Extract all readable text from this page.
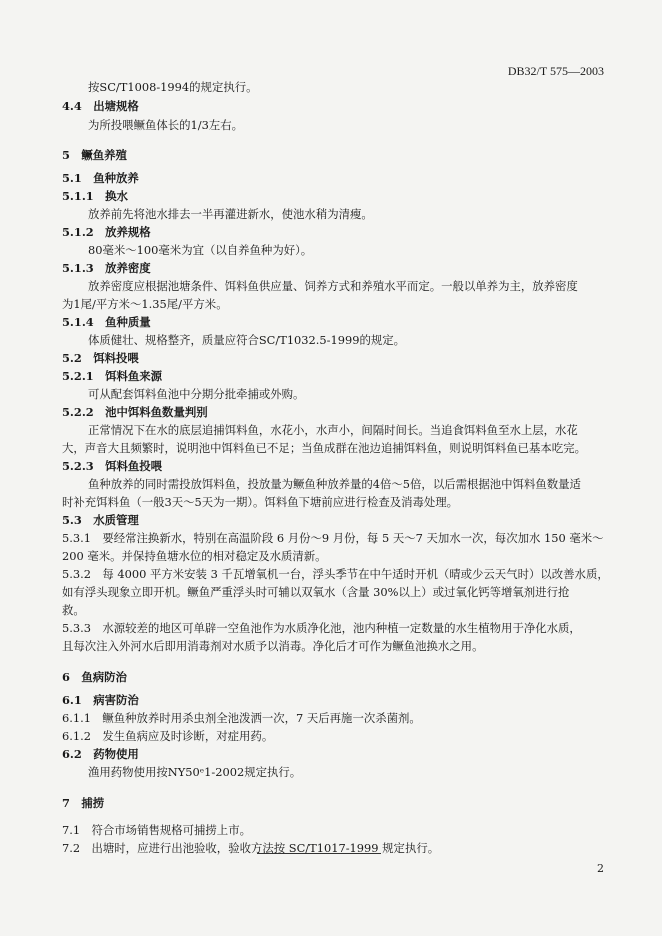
DB32/T 575—2003
按SC/T1008-1994的规定执行。
4.4　出塘规格
为所投喂鳜鱼体长的1/3左右。
5　鳜鱼养殖
5.1　鱼种放养
5.1.1　换水
放养前先将池水排去一半再灌进新水，使池水稍为清瘦。
5.1.2　放养规格
80毫米～100毫米为宜（以自养鱼种为好）。
5.1.3　放养密度
放养密度应根据池塘条件、饵料鱼供应量、饲养方式和养殖水平而定。一般以单养为主，放养密度
为1尾/平方米～1.35尾/平方米。
5.1.4　鱼种质量
体质健壮、规格整齐，质量应符合SC/T1032.5-1999的规定。
5.2　饵料投喂
5.2.1　饵料鱼来源
可从配套饵料鱼池中分期分批牵捕或外购。
5.2.2　池中饵料鱼数量判别
正常情况下在水的底层追捕饵料鱼，水花小，水声小，间隔时间长。当追食饵料鱼至水上层，水花
大，声音大且频繁时，说明池中饵料鱼已不足；当鱼成群在池边追捕饵料鱼，则说明饵料鱼已基本吃完。
5.2.3　饵料鱼投喂
鱼种放养的同时需投放饵料鱼，投放量为鳜鱼种放养量的4倍～5倍，以后需根据池中饵料鱼数量适
时补充饵料鱼（一般3天～5天为一期）。饵料鱼下塘前应进行检查及消毒处理。
5.3　水质管理
5.3.1　要经常注换新水，特别在高温阶段 6 月份～9 月份，每 5 天～7 天加水一次，每次加水 150 毫米～
200 毫米。并保持鱼塘水位的相对稳定及水质清新。
5.3.2　每 4000 平方米安装 3 千瓦增氧机一台，浮头季节在中午适时开机（晴或少云天气时）以改善水质，
如有浮头现象立即开机。鳜鱼严重浮头时可辅以双氧水（含量 30%以上）或过氧化钙等增氧剂进行抢
救。
5.3.3　水源较差的地区可单辟一空鱼池作为水质净化池，池内种植一定数量的水生植物用于净化水质，
且每次注入外河水后即用消毒剂对水质予以消毒。净化后才可作为鳜鱼池换水之用。
6　鱼病防治
6.1　病害防治
6.1.1　鳜鱼种放养时用杀虫剂全池泼洒一次，7 天后再施一次杀菌剂。
6.1.2　发生鱼病应及时诊断，对症用药。
6.2　药物使用
渔用药物使用按NY50ᵉ1-2002规定执行。
7　捕捞
7.1　符合市场销售规格可捕捞上市。
7.2　出塘时，应进行出池验收，验收方法按 SC/T1017-1999 规定执行。
2
